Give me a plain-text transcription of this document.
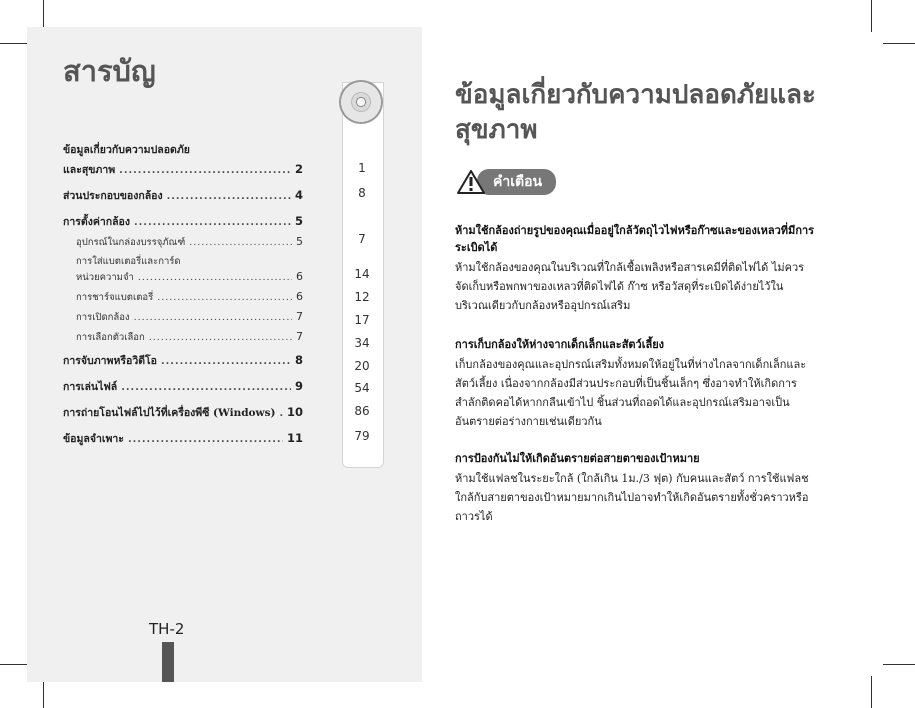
สารบัญ
ข้อมูลเกี่ยวกับความปลอดภัย
และสุขภาพ .....	2
ส่วนประกอบของกล้อง .....	4
การตั้งค่ากล้อง .....	5
อุปกรณ์ในกล่องบรรจุภัณฑ์ .....	5
การใส่แบตเตอรี่และการ์ด
หน่วยความจำ .....	6
การชาร์จแบตเตอรี่ .....	6
การเปิดกล้อง .....	7
การเลือกตัวเลือก .....	7
การจับภาพหรือวิดีโอ .....	8
การเล่นไฟล์ .....	9
การถ่ายโอนไฟล์ไปไว้ที่เครื่องพีซี (Windows) ..... 10
ข้อมูลจำเพาะ .....	11
1
8
7
14
12
17
34
20
54
86
79
TH-2
ข้อมูลเกี่ยวกับความปลอดภัยและสุขภาพ
คำเตือน

ห้ามใช้กล้องถ่ายรูปของคุณเมื่ออยู่ใกล้วัตถุไวไฟหรือก๊าซและของเหลวที่มีการระเบิดได้

ห้ามใช้กล้องของคุณในบริเวณที่ใกล้เชื้อเพลิงหรือสารเคมีที่ติดไฟได้ ไม่ควรจัดเก็บหรือพกพาของเหลวที่ติดไฟได้ ก๊าซ หรือวัสดุที่ระเบิดได้ง่ายไว้ในบริเวณเดียวกับกล้องหรืออุปกรณ์เสริม

การเก็บกล้องให้ห่างจากเด็กเล็กและสัตว์เลี้ยง

เก็บกล้องของคุณและอุปกรณ์เสริมทั้งหมดให้อยู่ในที่ห่างไกลจากเด็กเล็กและสัตว์เลี้ยง เนื่องจากกล้องมีส่วนประกอบที่เป็นชิ้นเล็กๆ ซึ่งอาจทำให้เกิดการสำลักติดคอได้หากกลืนเข้าไป ชิ้นส่วนที่ถอดได้และอุปกรณ์เสริมอาจเป็นอันตรายต่อร่างกายเช่นเดียวกัน

การป้องกันไม่ให้เกิดอันตรายต่อสายตาของเป้าหมาย

ห้ามใช้แฟลชในระยะใกล้ (ใกล้เกิน 1ม./3 ฟุต) กับคนและสัตว์ การใช้แฟลชใกล้กับสายตาของเป้าหมายมากเกินไปอาจทำให้เกิดอันตรายทั้งชั่วคราวหรือถาวรได้
